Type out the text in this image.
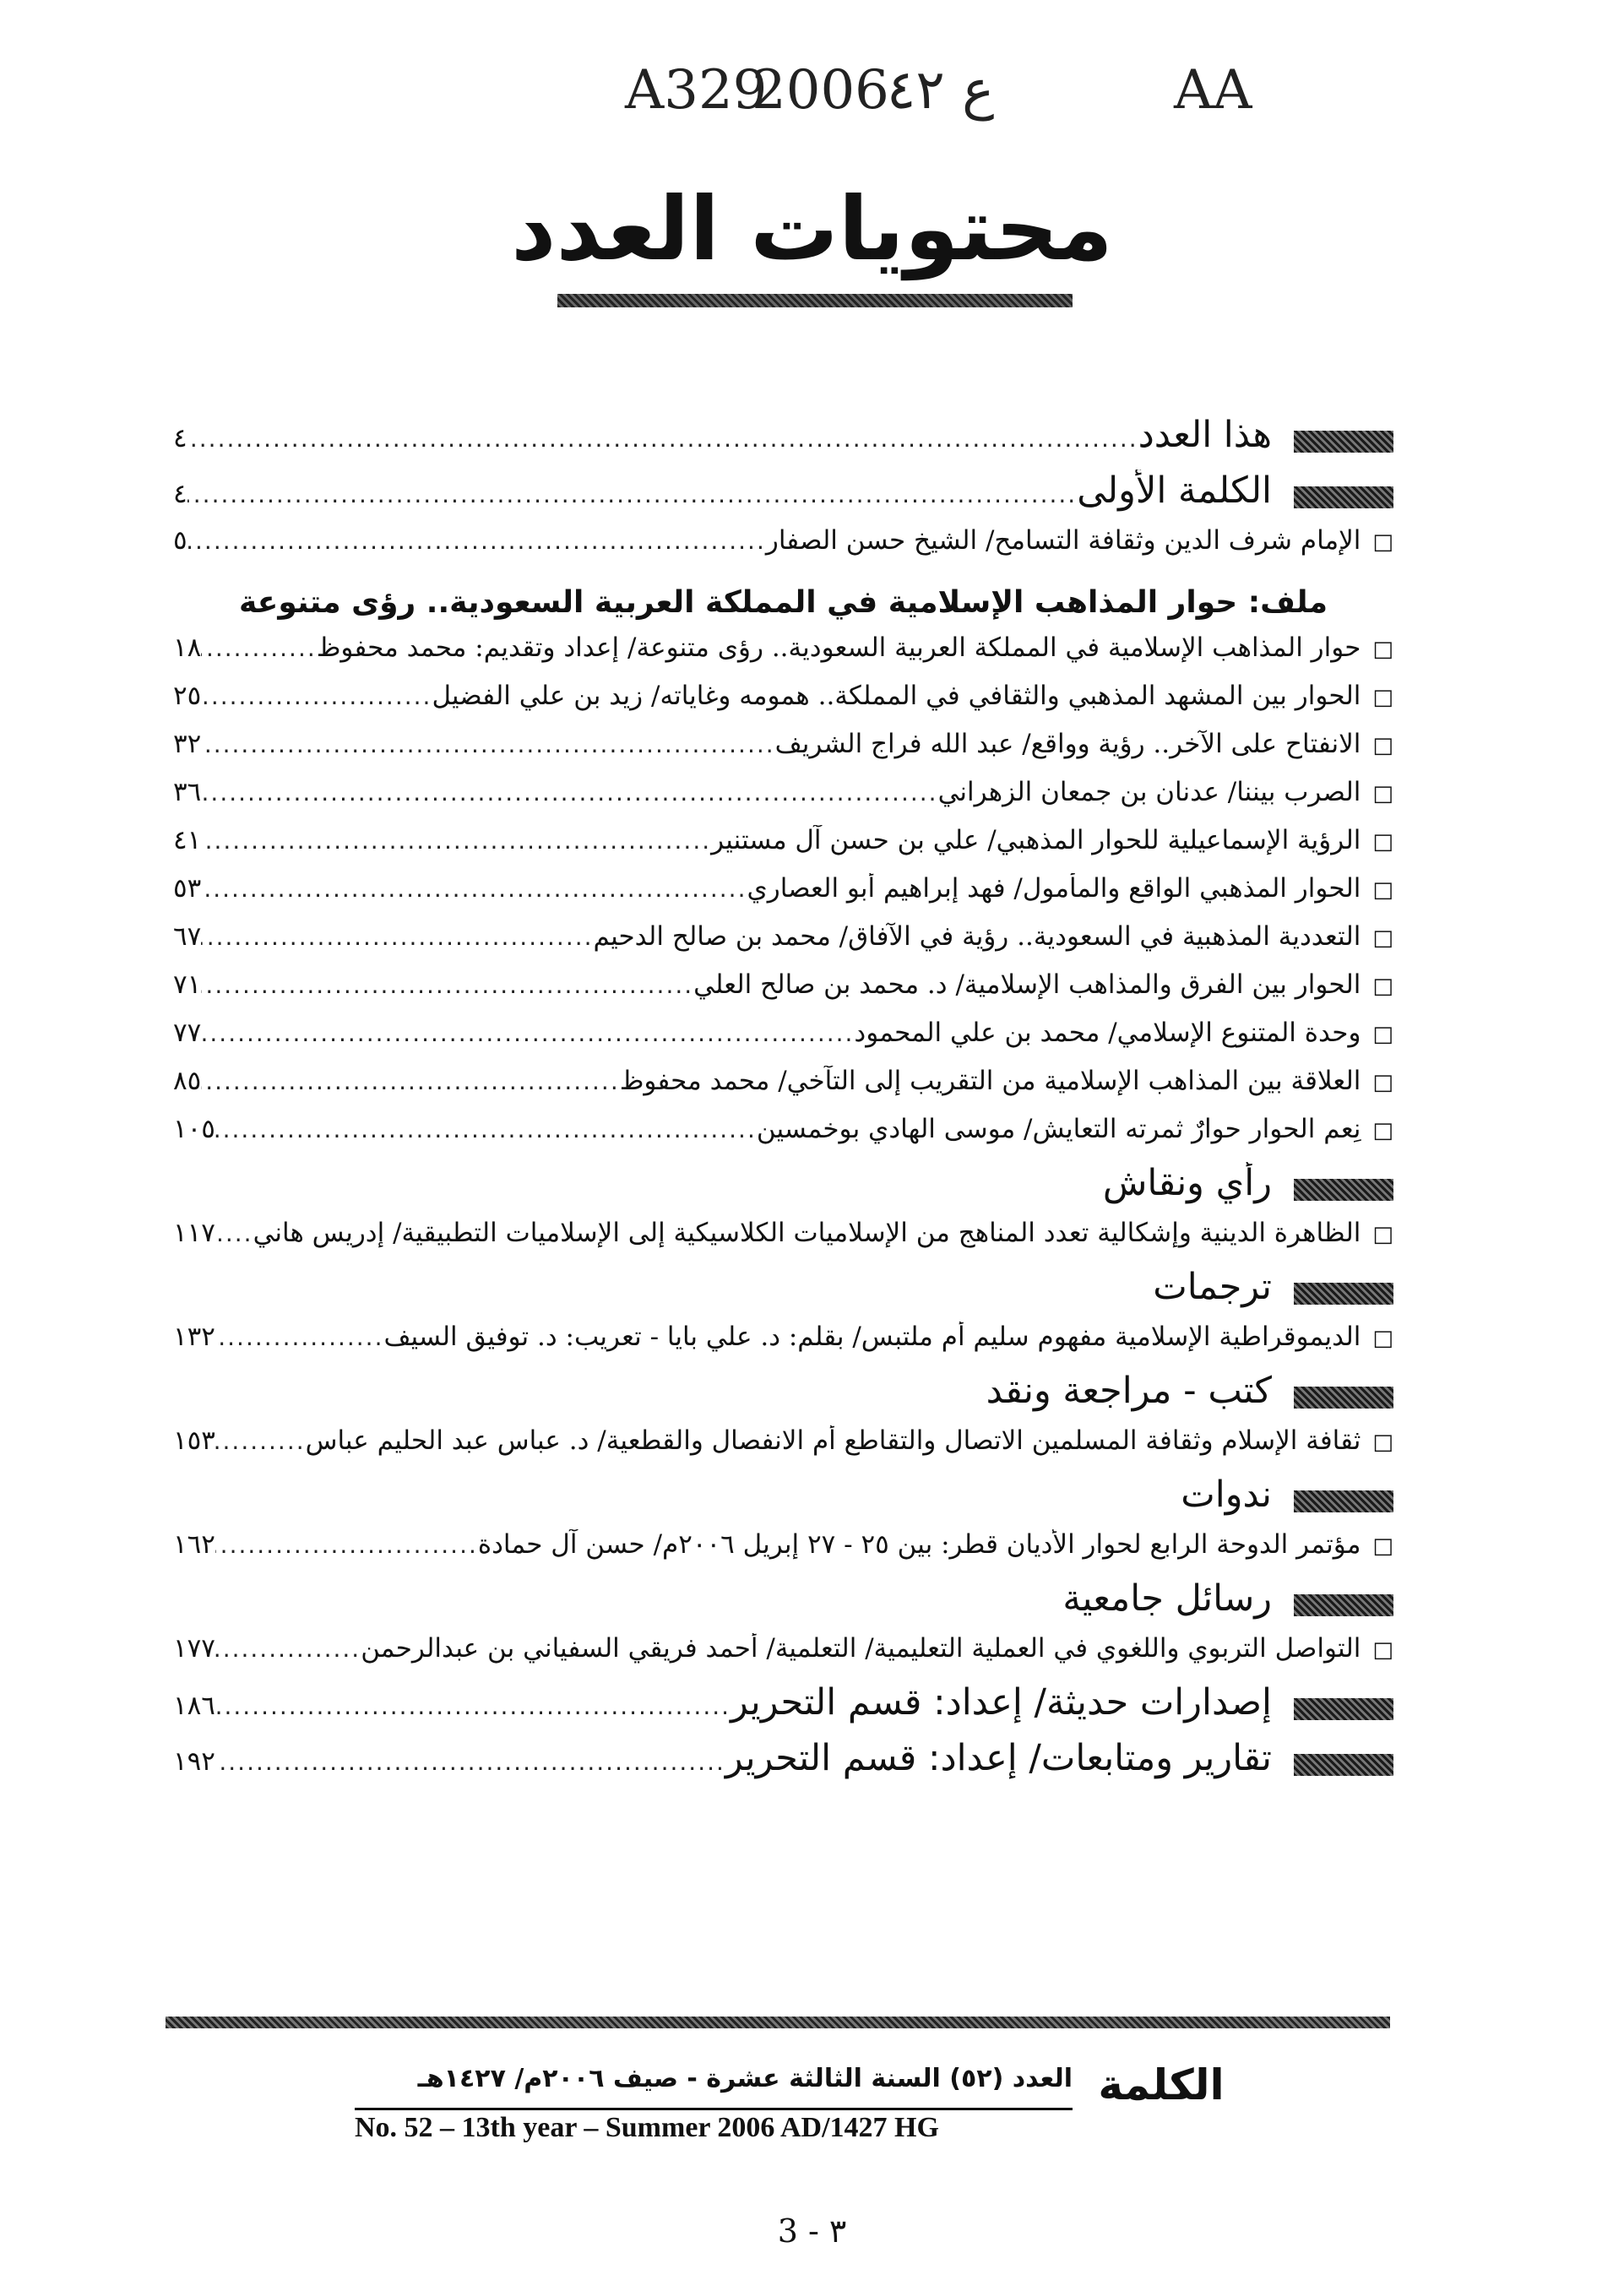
AA
ع ٤٢
2006
A329
محتويات العدد
هذا العدد
.....
٤
الكلمة الأولى
.....
٤
□
الإمام شرف الدين وثقافة التسامح/ الشيخ حسن الصفار
.....
٥
ملف: حوار المذاهب الإسلامية في المملكة العربية السعودية.. رؤى متنوعة
□
حوار المذاهب الإسلامية في المملكة العربية السعودية.. رؤى متنوعة/ إعداد وتقديم: محمد محفوظ
.....
١٨
□
الحوار بين المشهد المذهبي والثقافي في المملكة.. همومه وغاياته/ زيد بن علي الفضيل
.....
٢٥
□
الانفتاح على الآخر.. رؤية وواقع/ عبد الله فراج الشريف
.....
٣٢
□
الصرب بيننا/ عدنان بن جمعان الزهراني
.....
٣٦
□
الرؤية الإسماعيلية للحوار المذهبي/ علي بن حسن آل مستنير
.....
٤١
□
الحوار المذهبي الواقع والمأمول/ فهد إبراهيم أبو العصاري
.....
٥٣
□
التعددية المذهبية في السعودية.. رؤية في الآفاق/ محمد بن صالح الدحيم
.....
٦٧
□
الحوار بين الفرق والمذاهب الإسلامية/ د. محمد بن صالح العلي
.....
٧١
□
وحدة المتنوع الإسلامي/ محمد بن علي المحمود
.....
٧٧
□
العلاقة بين المذاهب الإسلامية من التقريب إلى التآخي/ محمد محفوظ
.....
٨٥
□
نِعم الحوار حوارٌ ثمرته التعايش/ موسى الهادي بوخمسين
.....
١٠٥
رأي ونقاش
□
الظاهرة الدينية وإشكالية تعدد المناهج من الإسلاميات الكلاسيكية إلى الإسلاميات التطبيقية/ إدريس هاني
.....
١١٧
ترجمات
□
الديموقراطية الإسلامية مفهوم سليم أم ملتبس/ بقلم: د. علي بايا - تعريب: د. توفيق السيف
.....
١٣٢
كتب - مراجعة ونقد
□
ثقافة الإسلام وثقافة المسلمين الاتصال والتقاطع أم الانفصال والقطعية/ د. عباس عبد الحليم عباس
.....
١٥٣
ندوات
□
مؤتمر الدوحة الرابع لحوار الأديان قطر: بين ٢٥ - ٢٧ إبريل ٢٠٠٦م/ حسن آل حمادة
.....
١٦٢
رسائل جامعية
□
التواصل التربوي واللغوي في العملية التعليمية/ التعلمية/ أحمد فريقي السفياني بن عبدالرحمن
.....
١٧٧
إصدارات حديثة/ إعداد: قسم التحرير
.....
١٨٦
تقارير ومتابعات/ إعداد: قسم التحرير
.....
١٩٢
الكلمة
العدد (٥٢) السنة الثالثة عشرة - صيف ٢٠٠٦م/ ١٤٢٧هـ
No. 52 – 13th year – Summer 2006 AD/1427 HG
3 - ٣
